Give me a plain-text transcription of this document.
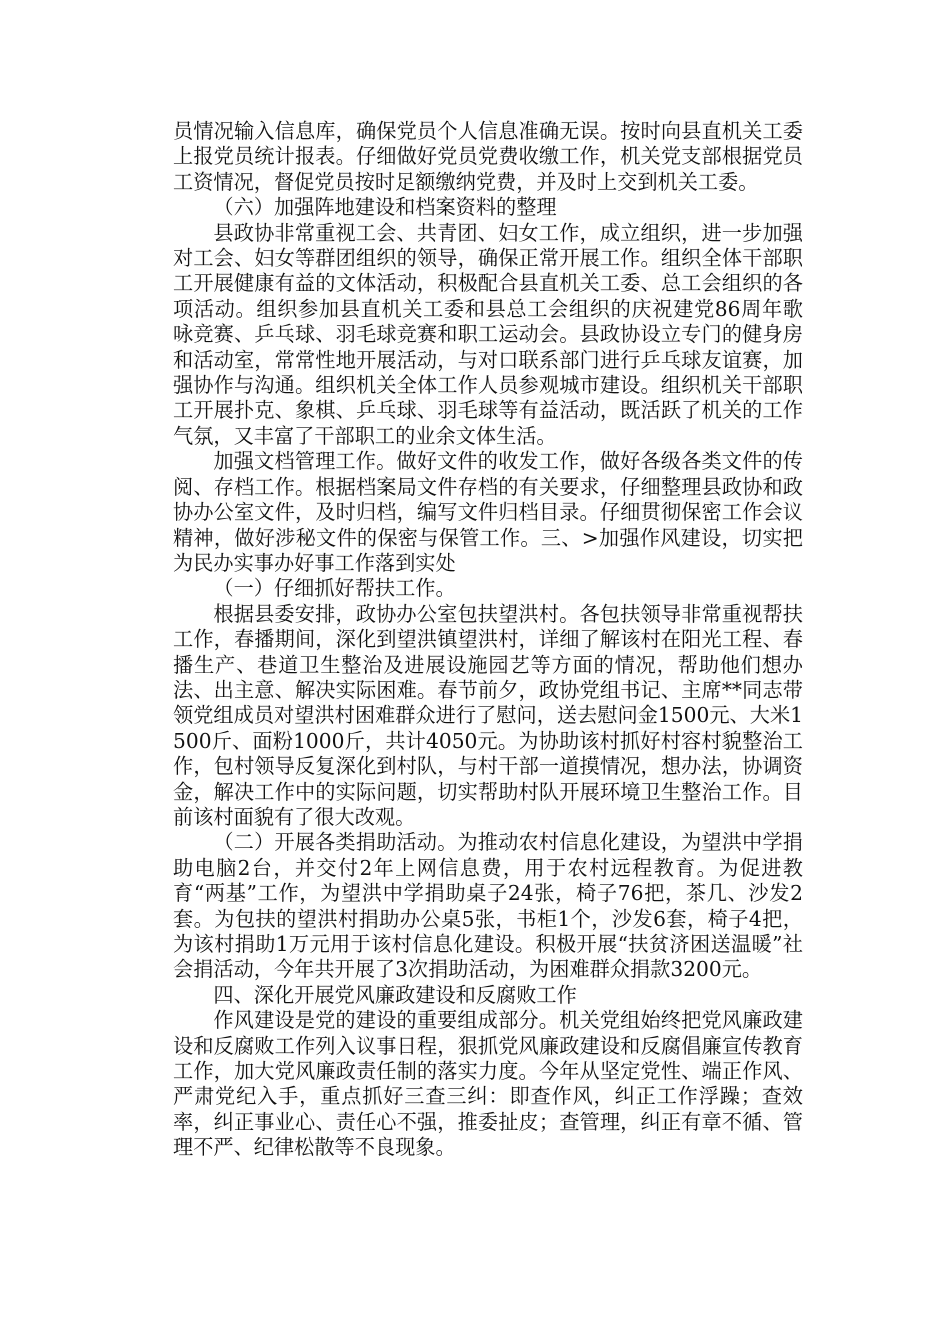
员情况输入信息库，确保党员个人信息准确无误。按时向县直机关工委上报党员统计报表。仔细做好党员党费收缴工作，机关党支部根据党员工资情况，督促党员按时足额缴纳党费，并及时上交到机关工委。

（六）加强阵地建设和档案资料的整理

县政协非常重视工会、共青团、妇女工作，成立组织，进一步加强对工会、妇女等群团组织的领导，确保正常开展工作。组织全体干部职工开展健康有益的文体活动，积极配合县直机关工委、总工会组织的各项活动。组织参加县直机关工委和县总工会组织的庆祝建党86周年歌咏竞赛、乒乓球、羽毛球竞赛和职工运动会。县政协设立专门的健身房和活动室，常常性地开展活动，与对口联系部门进行乒乓球友谊赛，加强协作与沟通。组织机关全体工作人员参观城市建设。组织机关干部职工开展扑克、象棋、乒乓球、羽毛球等有益活动，既活跃了机关的工作气氛，又丰富了干部职工的业余文体生活。

加强文档管理工作。做好文件的收发工作，做好各级各类文件的传阅、存档工作。根据档案局文件存档的有关要求，仔细整理县政协和政协办公室文件，及时归档，编写文件归档目录。仔细贯彻保密工作会议精神，做好涉秘文件的保密与保管工作。三、>加强作风建设，切实把为民办实事办好事工作落到实处

（一）仔细抓好帮扶工作。

根据县委安排，政协办公室包扶望洪村。各包扶领导非常重视帮扶工作，春播期间，深化到望洪镇望洪村，详细了解该村在阳光工程、春播生产、巷道卫生整治及进展设施园艺等方面的情况，帮助他们想办法、出主意、解决实际困难。春节前夕，政协党组书记、主席**同志带领党组成员对望洪村困难群众进行了慰问，送去慰问金1500元、大米1500斤、面粉1000斤，共计4050元。为协助该村抓好村容村貌整治工作，包村领导反复深化到村队，与村干部一道摸情况，想办法，协调资金，解决工作中的实际问题，切实帮助村队开展环境卫生整治工作。目前该村面貌有了很大改观。

（二）开展各类捐助活动。为推动农村信息化建设，为望洪中学捐助电脑2台，并交付2年上网信息费，用于农村远程教育。为促进教育“两基”工作，为望洪中学捐助桌子24张，椅子76把，茶几、沙发2套。为包扶的望洪村捐助办公桌5张，书柜1个，沙发6套，椅子4把，为该村捐助1万元用于该村信息化建设。积极开展“扶贫济困送温暖”社会捐活动，今年共开展了3次捐助活动，为困难群众捐款3200元。

四、深化开展党风廉政建设和反腐败工作

作风建设是党的建设的重要组成部分。机关党组始终把党风廉政建设和反腐败工作列入议事日程，狠抓党风廉政建设和反腐倡廉宣传教育工作，加大党风廉政责任制的落实力度。今年从坚定党性、端正作风、严肃党纪入手，重点抓好三查三纠：即查作风，纠正工作浮躁；查效率，纠正事业心、责任心不强，推委扯皮；查管理，纠正有章不循、管理不严、纪律松散等不良现象。
